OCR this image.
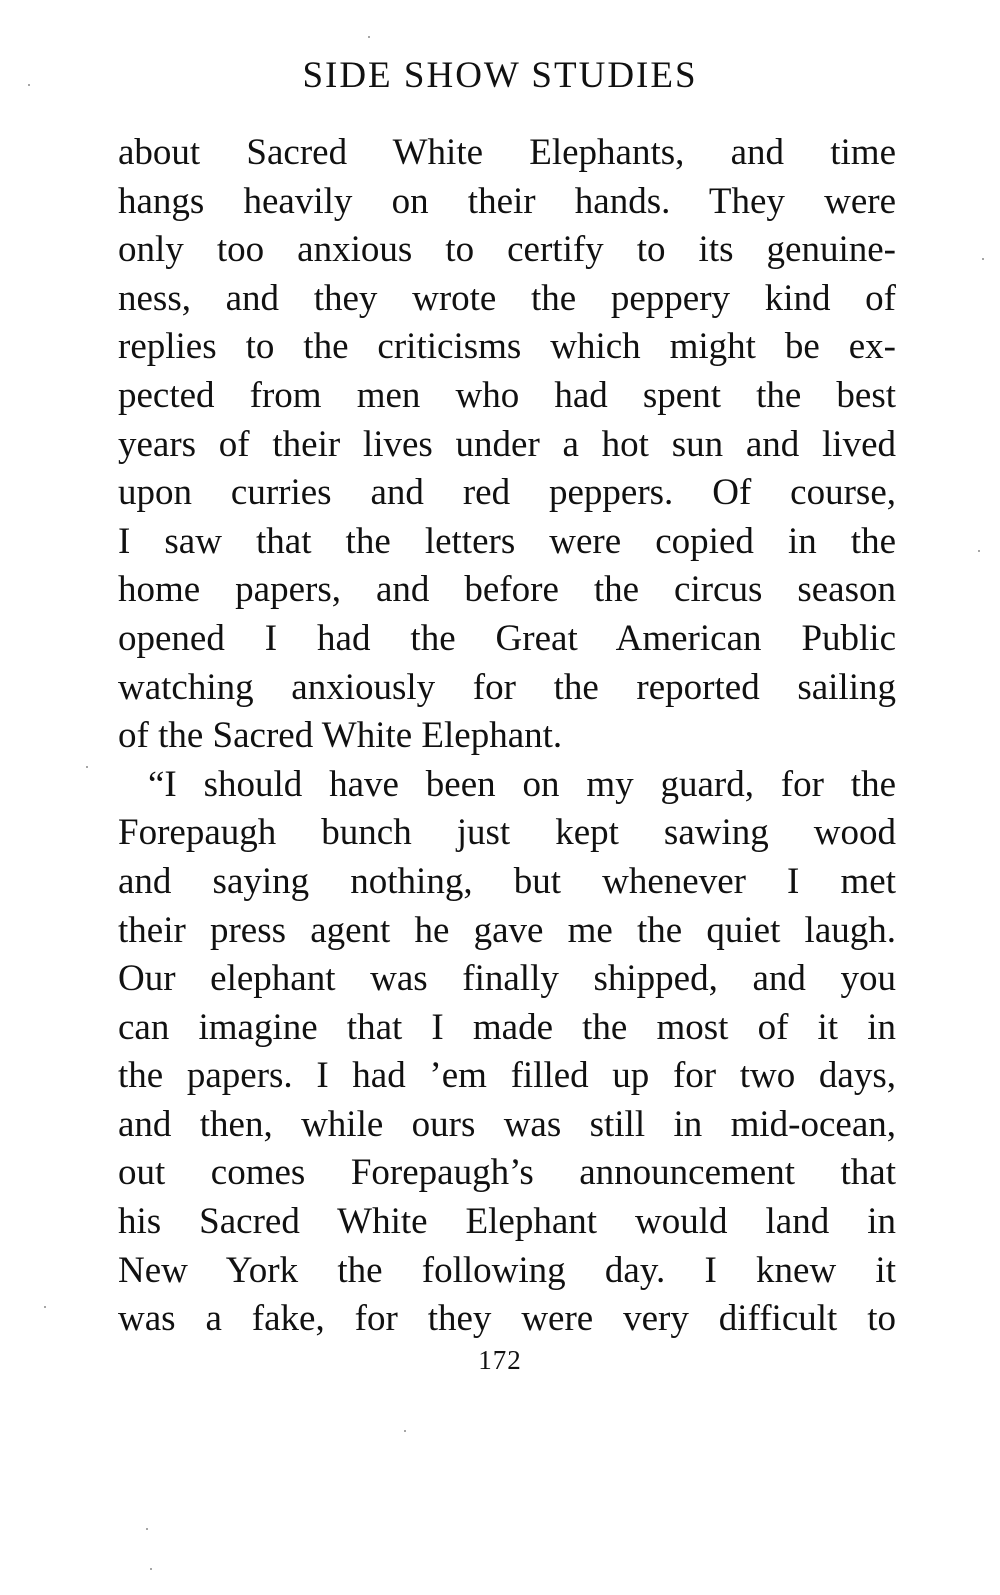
SIDE SHOW STUDIES
about Sacred White Elephants, and time
hangs heavily on their hands. They were
only too anxious to certify to its genuine-
ness, and they wrote the peppery kind of
replies to the criticisms which might be ex-
pected from men who had spent the best
years of their lives under a hot sun and lived
upon curries and red peppers. Of course,
I saw that the letters were copied in the
home papers, and before the circus season
opened I had the Great American Public
watching anxiously for the reported sailing
of the Sacred White Elephant.
“I should have been on my guard, for the
Forepaugh bunch just kept sawing wood
and saying nothing, but whenever I met
their press agent he gave me the quiet laugh.
Our elephant was finally shipped, and you
can imagine that I made the most of it in
the papers. I had ’em filled up for two days,
and then, while ours was still in mid-ocean,
out comes Forepaugh’s announcement that
his Sacred White Elephant would land in
New York the following day. I knew it
was a fake, for they were very difficult to
172
